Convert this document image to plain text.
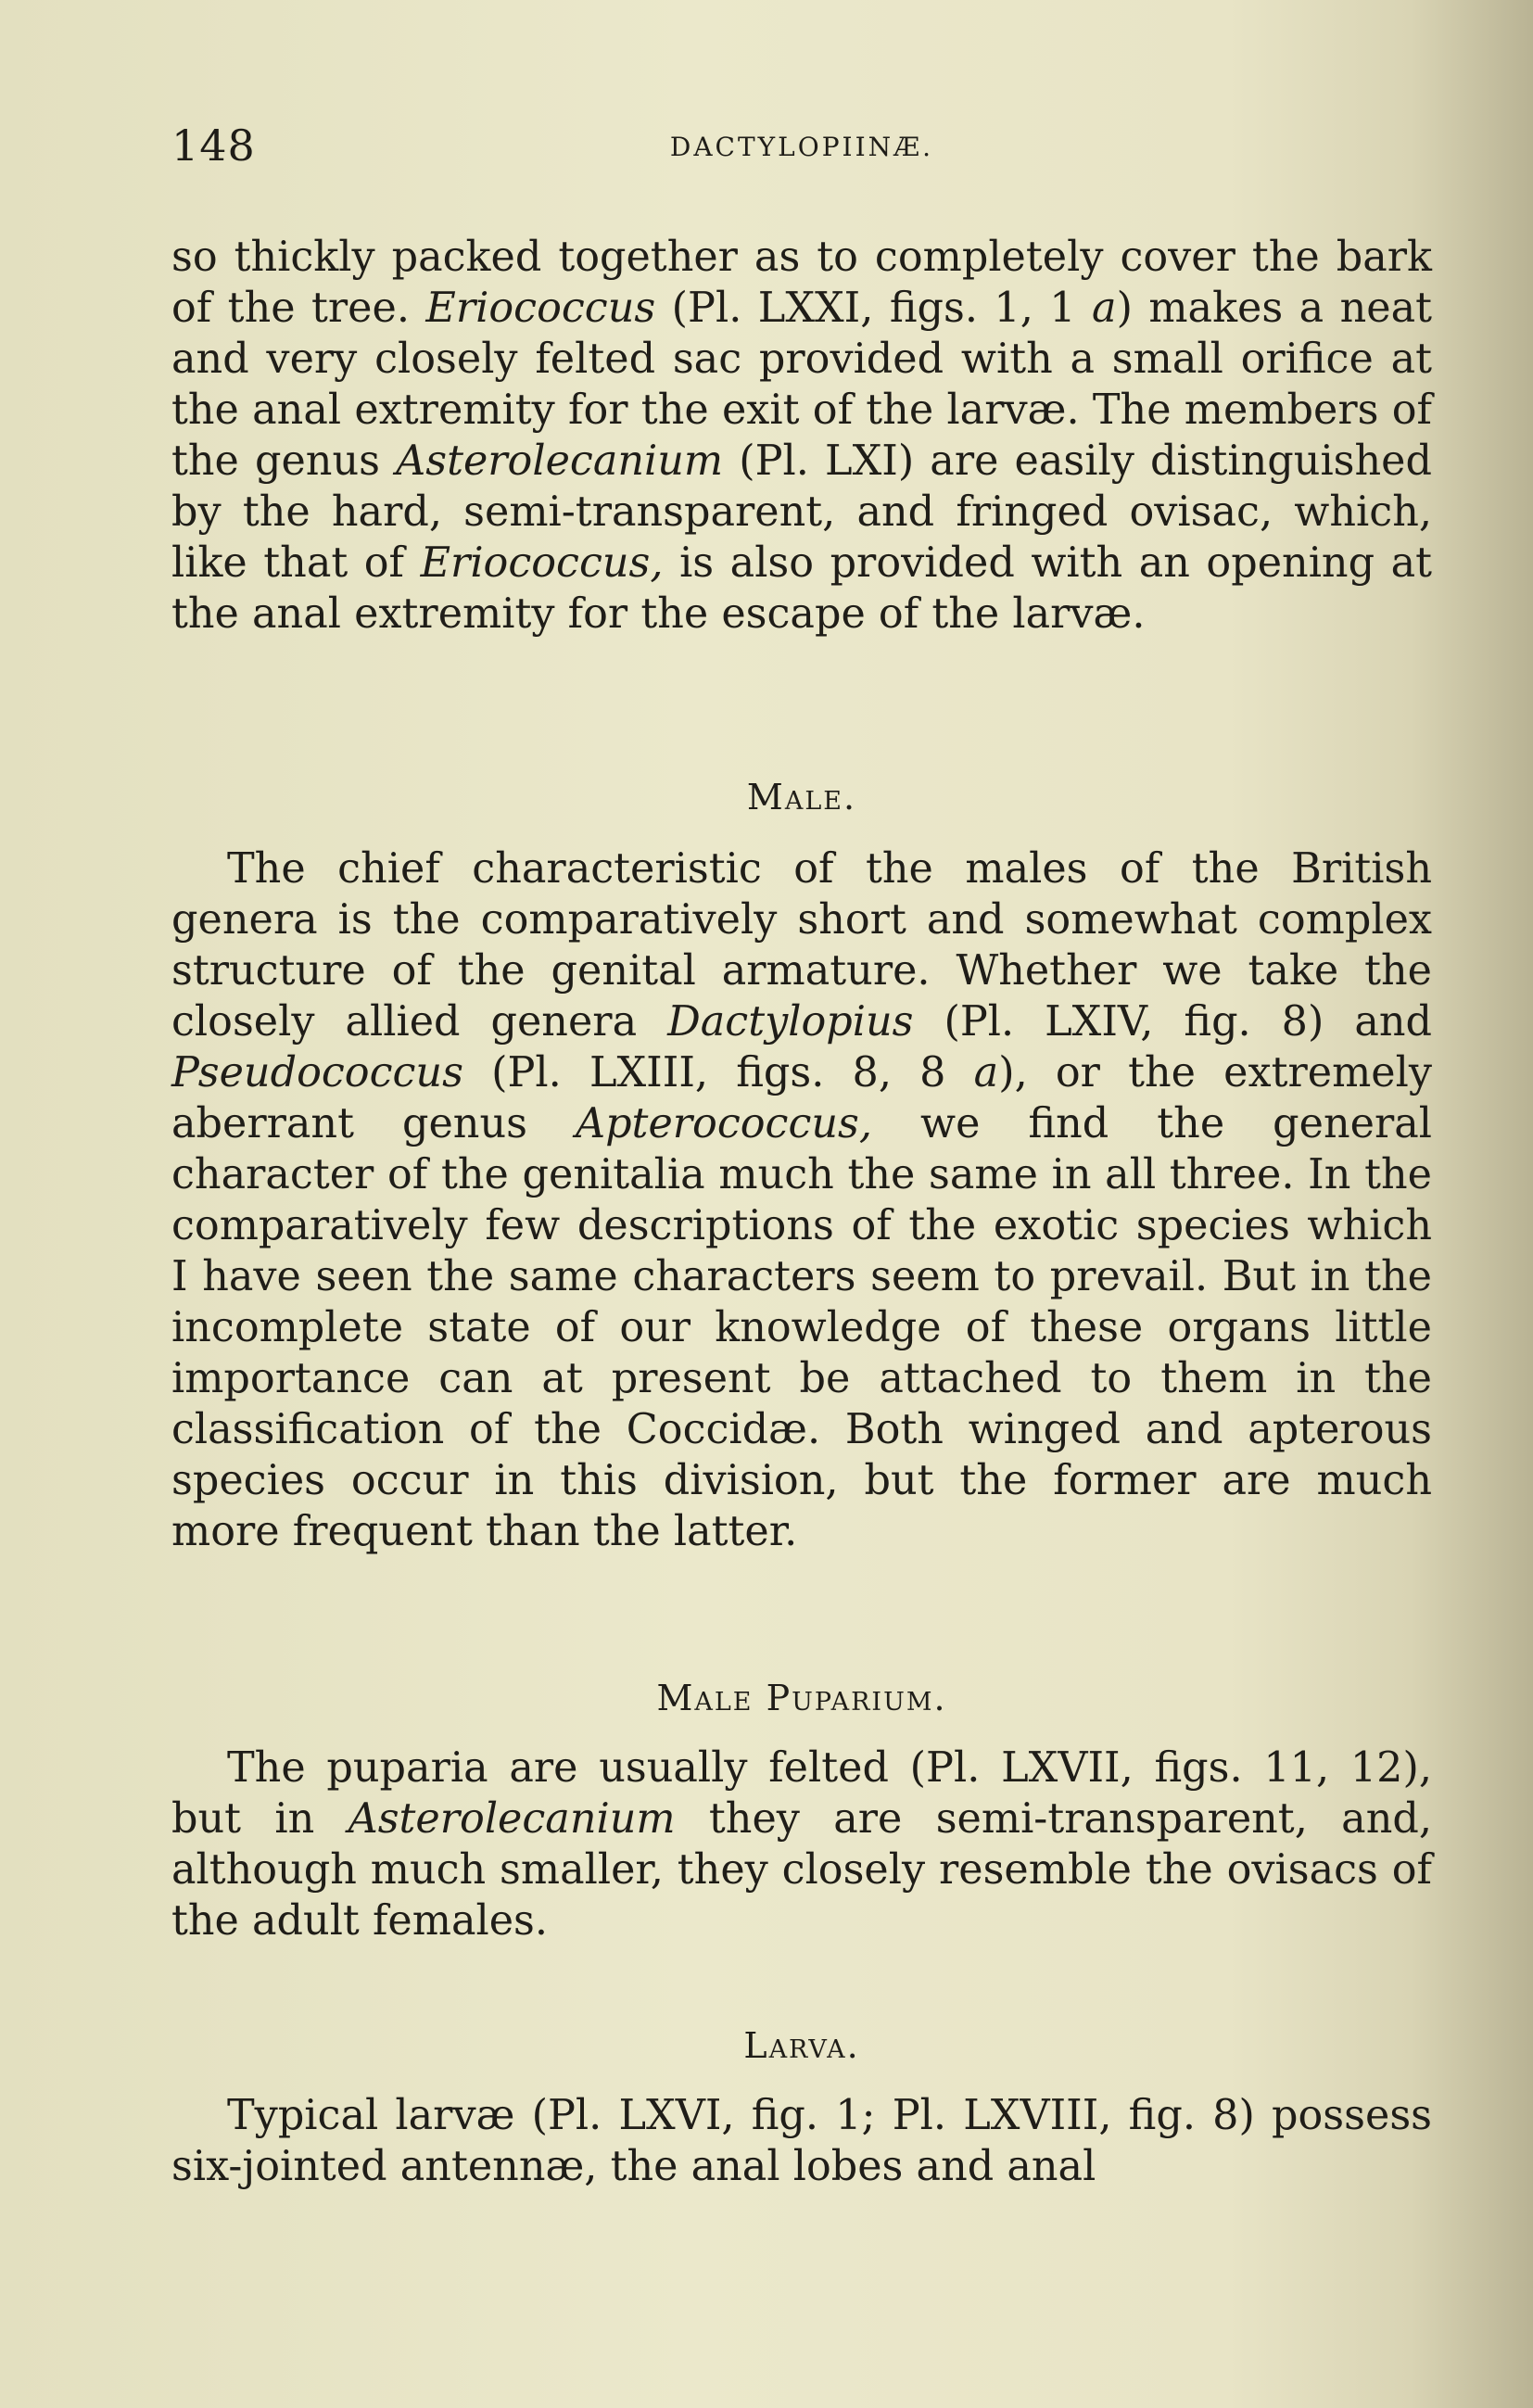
148	DACTYLOPIINÆ.

so thickly packed together as to completely cover the bark of the tree. Eriococcus (Pl. LXXI, figs. 1, 1 a) makes a neat and very closely felted sac provided with a small orifice at the anal extremity for the exit of the larvæ. The members of the genus Asterolecanium (Pl. LXI) are easily distinguished by the hard, semi-transparent, and fringed ovisac, which, like that of Eriococcus, is also provided with an opening at the anal extremity for the escape of the larvæ.

Male.

The chief characteristic of the males of the British genera is the comparatively short and somewhat complex structure of the genital armature. Whether we take the closely allied genera Dactylopius (Pl. LXIV, fig. 8) and Pseudococcus (Pl. LXIII, figs. 8, 8 a), or the extremely aberrant genus Apterococcus, we find the general character of the genitalia much the same in all three. In the comparatively few descriptions of the exotic species which I have seen the same characters seem to prevail. But in the incomplete state of our knowledge of these organs little importance can at present be attached to them in the classification of the Coccidæ. Both winged and apterous species occur in this division, but the former are much more frequent than the latter.

Male Puparium.

The puparia are usually felted (Pl. LXVII, figs. 11, 12), but in Asterolecanium they are semi-transparent, and, although much smaller, they closely resemble the ovisacs of the adult females.

Larva.

Typical larvæ (Pl. LXVI, fig. 1; Pl. LXVIII, fig. 8) possess six-jointed antennæ, the anal lobes and anal
